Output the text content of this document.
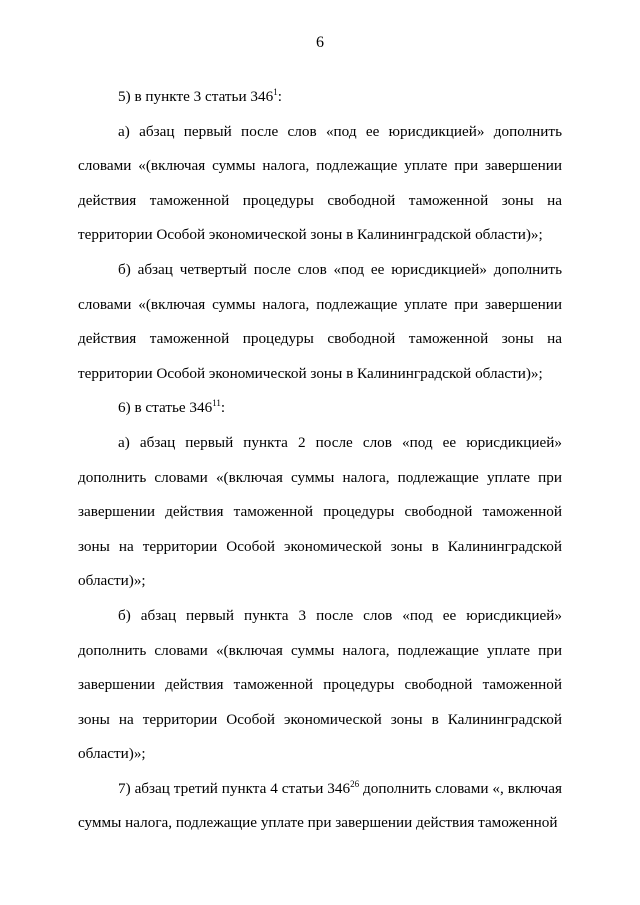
6

5) в пункте 3 статьи $346^1$:

а) абзац первый после слов «под ее юрисдикцией» дополнить словами «(включая суммы налога, подлежащие уплате при завершении действия таможенной процедуры свободной таможенной зоны на территории Особой экономической зоны в Калининградской области)»;

б) абзац четвертый после слов «под ее юрисдикцией» дополнить словами «(включая суммы налога, подлежащие уплате при завершении действия таможенной процедуры свободной таможенной зоны на территории Особой экономической зоны в Калининградской области)»;

6) в статье $346^{11}$:

а) абзац первый пункта 2 после слов «под ее юрисдикцией» дополнить словами «(включая суммы налога, подлежащие уплате при завершении действия таможенной процедуры свободной таможенной зоны на территории Особой экономической зоны в Калининградской области)»;

б) абзац первый пункта 3 после слов «под ее юрисдикцией» дополнить словами «(включая суммы налога, подлежащие уплате при завершении действия таможенной процедуры свободной таможенной зоны на территории Особой экономической зоны в Калининградской области)»;

7) абзац третий пункта 4 статьи $346^{26}$ дополнить словами «, включая суммы налога, подлежащие уплате при завершении действия таможенной
